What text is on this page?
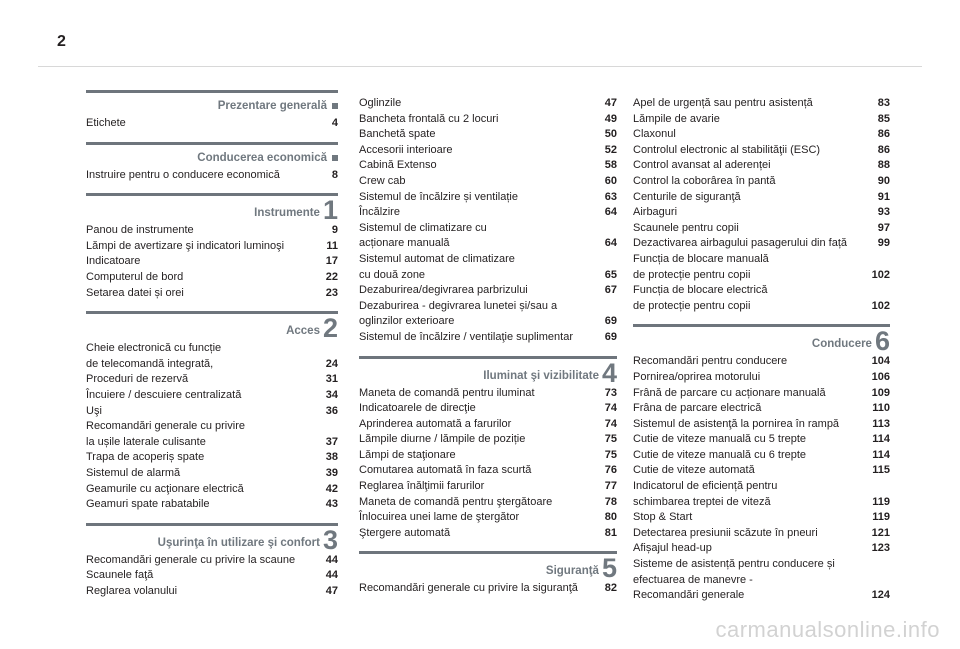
2
Prezentare generală
Etichete	4
Conducerea economică
Instruire pentru o conducere economică	8
Instrumente 1
Panou de instrumente	9
Lămpi de avertizare şi indicatori luminoşi	11
Indicatoare	17
Computerul de bord	22
Setarea datei și orei	23
Acces 2
Cheie electronică cu funcție
de telecomandă integrată,	24
Proceduri de rezervă	31
Încuiere / descuiere centralizată	34
Uşi	36
Recomandări generale cu privire
la ușile laterale culisante	37
Trapa de acoperiș spate	38
Sistemul de alarmă	39
Geamurile cu acţionare electrică	42
Geamuri spate rabatabile	43
Uşurinţa în utilizare şi confort 3
Recomandări generale cu privire la scaune	44
Scaunele faţă	44
Reglarea volanului	47
Oglinzile	47
Bancheta frontală cu 2 locuri	49
Banchetă spate	50
Accesorii interioare	52
Cabină Extenso	58
Crew cab	60
Sistemul de încălzire și ventilație	63
Încălzire	64
Sistemul de climatizare cu
acționare manuală	64
Sistemul automat de climatizare
cu două zone	65
Dezaburirea/degivrarea parbrizului	67
Dezaburirea - degivrarea lunetei și/sau a
oglinzilor exterioare	69
Sistemul de încălzire / ventilaţie suplimentar	69
Iluminat şi vizibilitate 4
Maneta de comandă pentru iluminat	73
Indicatoarele de direcţie	74
Aprinderea automată a farurilor	74
Lămpile diurne / lămpile de poziție	75
Lămpi de staţionare	75
Comutarea automată în faza scurtă	76
Reglarea înălţimii farurilor	77
Maneta de comandă pentru ştergătoare	78
Înlocuirea unei lame de ştergător	80
Ştergere automată	81
Siguranţă 5
Recomandări generale cu privire la siguranţă	82
Apel de urgență sau pentru asistență	83
Lămpile de avarie	85
Claxonul	86
Controlul electronic al stabilităţii (ESC)	86
Control avansat al aderenței	88
Control la coborârea în pantă	90
Centurile de siguranţă	91
Airbaguri	93
Scaunele pentru copii	97
Dezactivarea airbagului pasagerului din față	99
Funcția de blocare manuală
de protecție pentru copii	102
Funcția de blocare electrică
de protecție pentru copii	102
Conducere 6
Recomandări pentru conducere	104
Pornirea/oprirea motorului	106
Frână de parcare cu acționare manuală	109
Frâna de parcare electrică	110
Sistemul de asistenţă la pornirea în rampă	113
Cutie de viteze manuală cu 5 trepte	114
Cutie de viteze manuală cu 6 trepte	114
Cutie de viteze automată	115
Indicatorul de eficiență pentru
schimbarea treptei de viteză	119
Stop & Start	119
Detectarea presiunii scăzute în pneuri	121
Afișajul head-up	123
Sisteme de asistență pentru conducere și
efectuarea de manevre -
Recomandări generale	124
carmanualsonline.info
